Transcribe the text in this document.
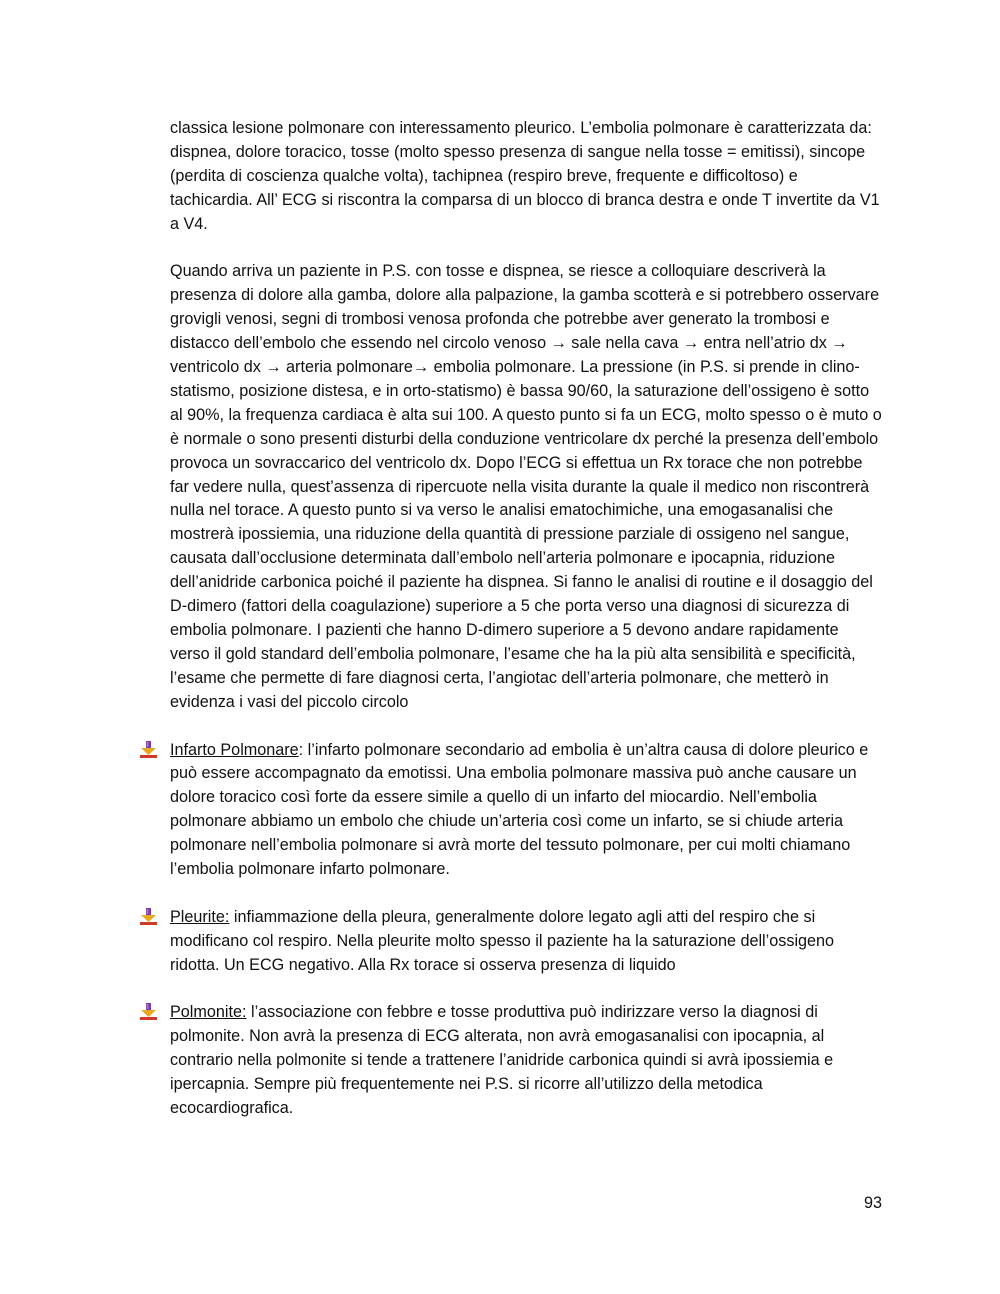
classica lesione polmonare con interessamento pleurico. L’embolia polmonare è caratterizzata da: dispnea, dolore toracico, tosse (molto spesso presenza di sangue nella tosse = emitissi), sincope (perdita di coscienza qualche volta), tachipnea (respiro breve, frequente e difficoltoso) e tachicardia. All’ ECG si riscontra la comparsa di un blocco di branca destra e onde T invertite da V1 a V4.

Quando arriva un paziente in P.S. con tosse e dispnea, se riesce a colloquiare descriverà la presenza di dolore alla gamba, dolore alla palpazione, la gamba scotterà e si potrebbero osservare grovigli venosi, segni di trombosi venosa profonda che potrebbe aver generato la trombosi e distacco dell’embolo che essendo nel circolo venoso → sale nella cava → entra nell’atrio dx → ventricolo dx → arteria polmonare→ embolia polmonare. La pressione (in P.S. si prende in clino-statismo, posizione distesa, e in orto-statismo) è bassa 90/60, la saturazione dell’ossigeno è sotto al 90%, la frequenza cardiaca è alta sui 100. A questo punto si fa un ECG, molto spesso o è muto o è normale o sono presenti disturbi della conduzione ventricolare dx perché la presenza dell’embolo provoca un sovraccarico del ventricolo dx. Dopo l’ECG si effettua un Rx torace che non potrebbe far vedere nulla, quest’assenza di ripercuote nella visita durante la quale il medico non riscontrerà nulla nel torace. A questo punto si va verso le analisi ematochimiche, una emogasanalisi che mostrerà ipossiemia, una riduzione della quantità di pressione parziale di ossigeno nel sangue, causata dall’occlusione determinata dall’embolo nell’arteria polmonare e ipocapnia, riduzione dell’anidride carbonica poiché il paziente ha dispnea. Si fanno le analisi di routine e il dosaggio del D-dimero (fattori della coagulazione) superiore a 5 che porta verso una diagnosi di sicurezza di embolia polmonare. I pazienti che hanno D-dimero superiore a 5 devono andare rapidamente verso il gold standard dell’embolia polmonare, l’esame che ha la più alta sensibilità e specificità, l’esame che permette di fare diagnosi certa, l’angiotac dell’arteria polmonare, che metterò in evidenza i vasi del piccolo circolo

Infarto Polmonare: l’infarto polmonare secondario ad embolia è un’altra causa di dolore pleurico e può essere accompagnato da emotissi. Una embolia polmonare massiva può anche causare un dolore toracico così forte da essere simile a quello di un infarto del miocardio. Nell’embolia polmonare abbiamo un embolo che chiude un’arteria così come un infarto, se si chiude arteria polmonare nell’embolia polmonare si avrà morte del tessuto polmonare, per cui molti chiamano l’embolia polmonare infarto polmonare.

Pleurite: infiammazione della pleura, generalmente dolore legato agli atti del respiro che si modificano col respiro. Nella pleurite molto spesso il paziente ha la saturazione dell’ossigeno ridotta. Un ECG negativo. Alla Rx torace si osserva presenza di liquido

Polmonite: l’associazione con febbre e tosse produttiva può indirizzare verso la diagnosi di polmonite. Non avrà la presenza di ECG alterata, non avrà emogasanalisi con ipocapnia, al contrario nella polmonite si tende a trattenere l’anidride carbonica quindi si avrà ipossiemia e ipercapnia. Sempre più frequentemente nei P.S. si ricorre all’utilizzo della metodica ecocardiografica.

93
